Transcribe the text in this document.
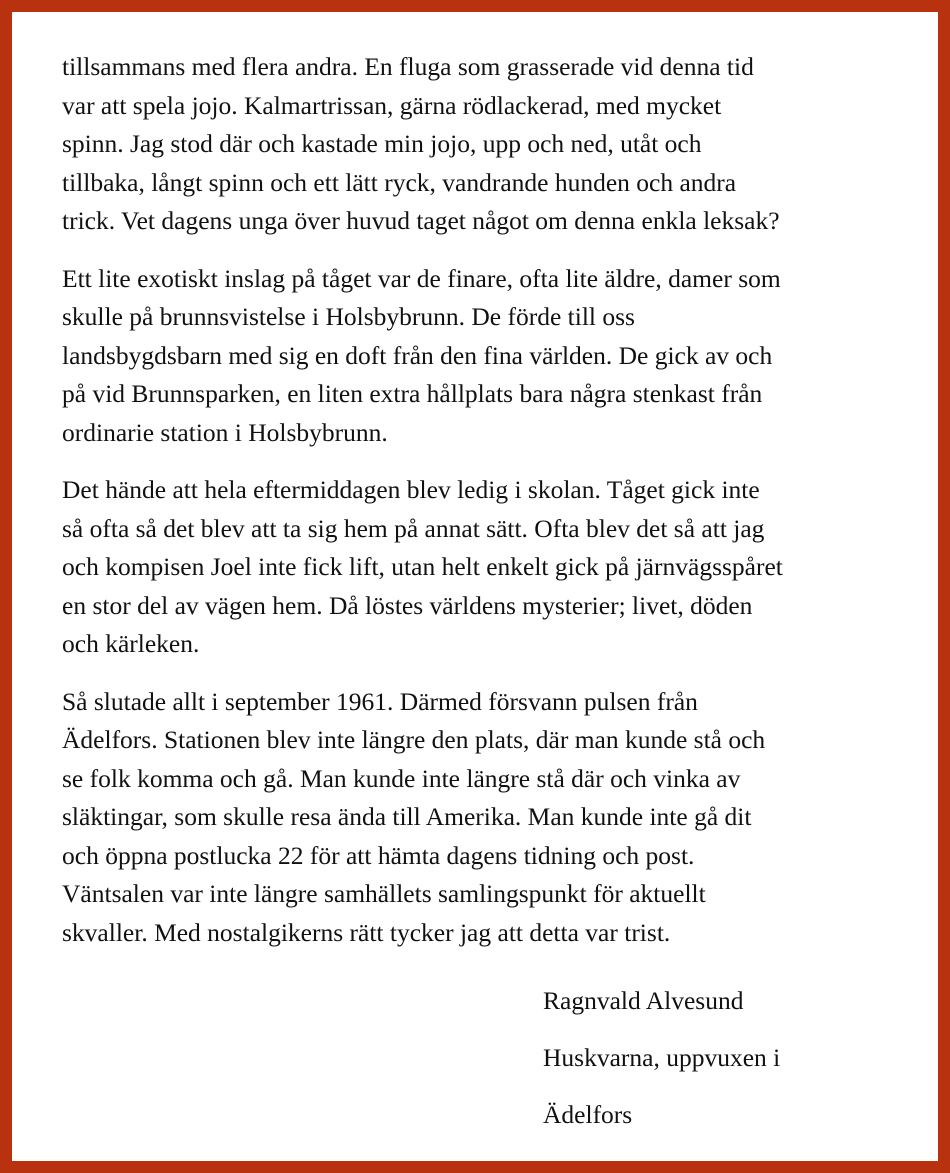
tillsammans med flera andra. En fluga som grasserade vid denna tid
var att spela jojo. Kalmartrissan, gärna rödlackerad, med mycket
spinn. Jag stod där och kastade min jojo, upp och ned, utåt och
tillbaka, långt spinn och ett lätt ryck, vandrande hunden och andra
trick. Vet dagens unga över huvud taget något om denna enkla leksak?

Ett lite exotiskt inslag på tåget var de finare, ofta lite äldre, damer som
skulle på brunnsvistelse i Holsbybrunn. De förde till oss
landsbygdsbarn med sig en doft från den fina världen. De gick av och
på vid Brunnsparken, en liten extra hållplats bara några stenkast från
ordinarie station i Holsbybrunn.

Det hände att hela eftermiddagen blev ledig i skolan. Tåget gick inte
så ofta så det blev att ta sig hem på annat sätt. Ofta blev det så att jag
och kompisen Joel inte fick lift, utan helt enkelt gick på järnvägsspåret
en stor del av vägen hem. Då löstes världens mysterier; livet, döden
och kärleken.

Så slutade allt i september 1961. Därmed försvann pulsen från
Ädelfors. Stationen blev inte längre den plats, där man kunde stå och
se folk komma och gå. Man kunde inte längre stå där och vinka av
släktingar, som skulle resa ända till Amerika. Man kunde inte gå dit
och öppna postlucka 22 för att hämta dagens tidning och post.
Väntsalen var inte längre samhällets samlingspunkt för aktuellt
skvaller. Med nostalgikerns rätt tycker jag att detta var trist.

Ragnvald Alvesund
Huskvarna, uppvuxen i
Ädelfors
